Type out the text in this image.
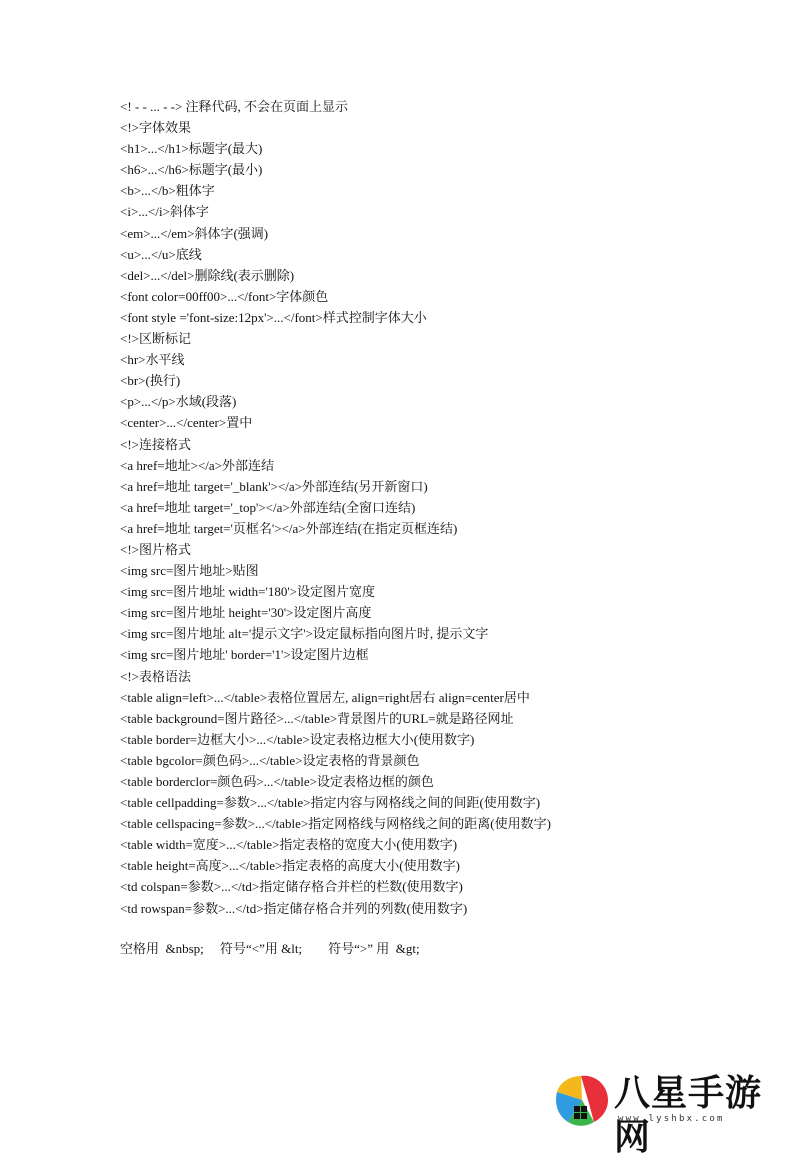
<! - - ... - -> 注释代码, 不会在页面上显示
<!>字体效果
<h1>...</h1>标题字(最大)
<h6>...</h6>标题字(最小)
<b>...</b>粗体字
<i>...</i>斜体字
<em>...</em>斜体字(强调)
<u>...</u>底线
<del>...</del>删除线(表示删除)
<font color=00ff00>...</font>字体颜色
<font style ='font-size:12px'>...</font>样式控制字体大小
<!>区断标记
<hr>水平线
<br>(换行)
<p>...</p>水域(段落)
<center>...</center>置中
<!>连接格式
<a href=地址></a>外部连结
<a href=地址 target='_blank'></a>外部连结(另开新窗口)
<a href=地址 target='_top'></a>外部连结(全窗口连结)
<a href=地址 target='页框名'></a>外部连结(在指定页框连结)
<!>图片格式
<img src=图片地址>贴图
<img src=图片地址 width='180'>设定图片宽度
<img src=图片地址 height='30'>设定图片高度
<img src=图片地址 alt='提示文字'>设定鼠标指向图片时, 提示文字
<img src=图片地址' border='1'>设定图片边框
<!>表格语法
<table align=left>...</table>表格位置居左, align=right居右 align=center居中
<table background=图片路径>...</table>背景图片的URL=就是路径网址
<table border=边框大小>...</table>设定表格边框大小(使用数字)
<table bgcolor=颜色码>...</table>设定表格的背景颜色
<table borderclor=颜色码>...</table>设定表格边框的颜色
<table cellpadding=参数>...</table>指定内容与网格线之间的间距(使用数字)
<table cellspacing=参数>...</table>指定网格线与网格线之间的距离(使用数字)
<table width=宽度>...</table>指定表格的宽度大小(使用数字)
<table height=高度>...</table>指定表格的高度大小(使用数字)
<td colspan=参数>...</td>指定储存格合并栏的栏数(使用数字)
<td rowspan=参数>...</td>指定储存格合并列的列数(使用数字)
空格用  &nbsp;     符号“<”用 &lt;        符号“>” 用  &gt;
八星手游网
www.lyshbx.com
